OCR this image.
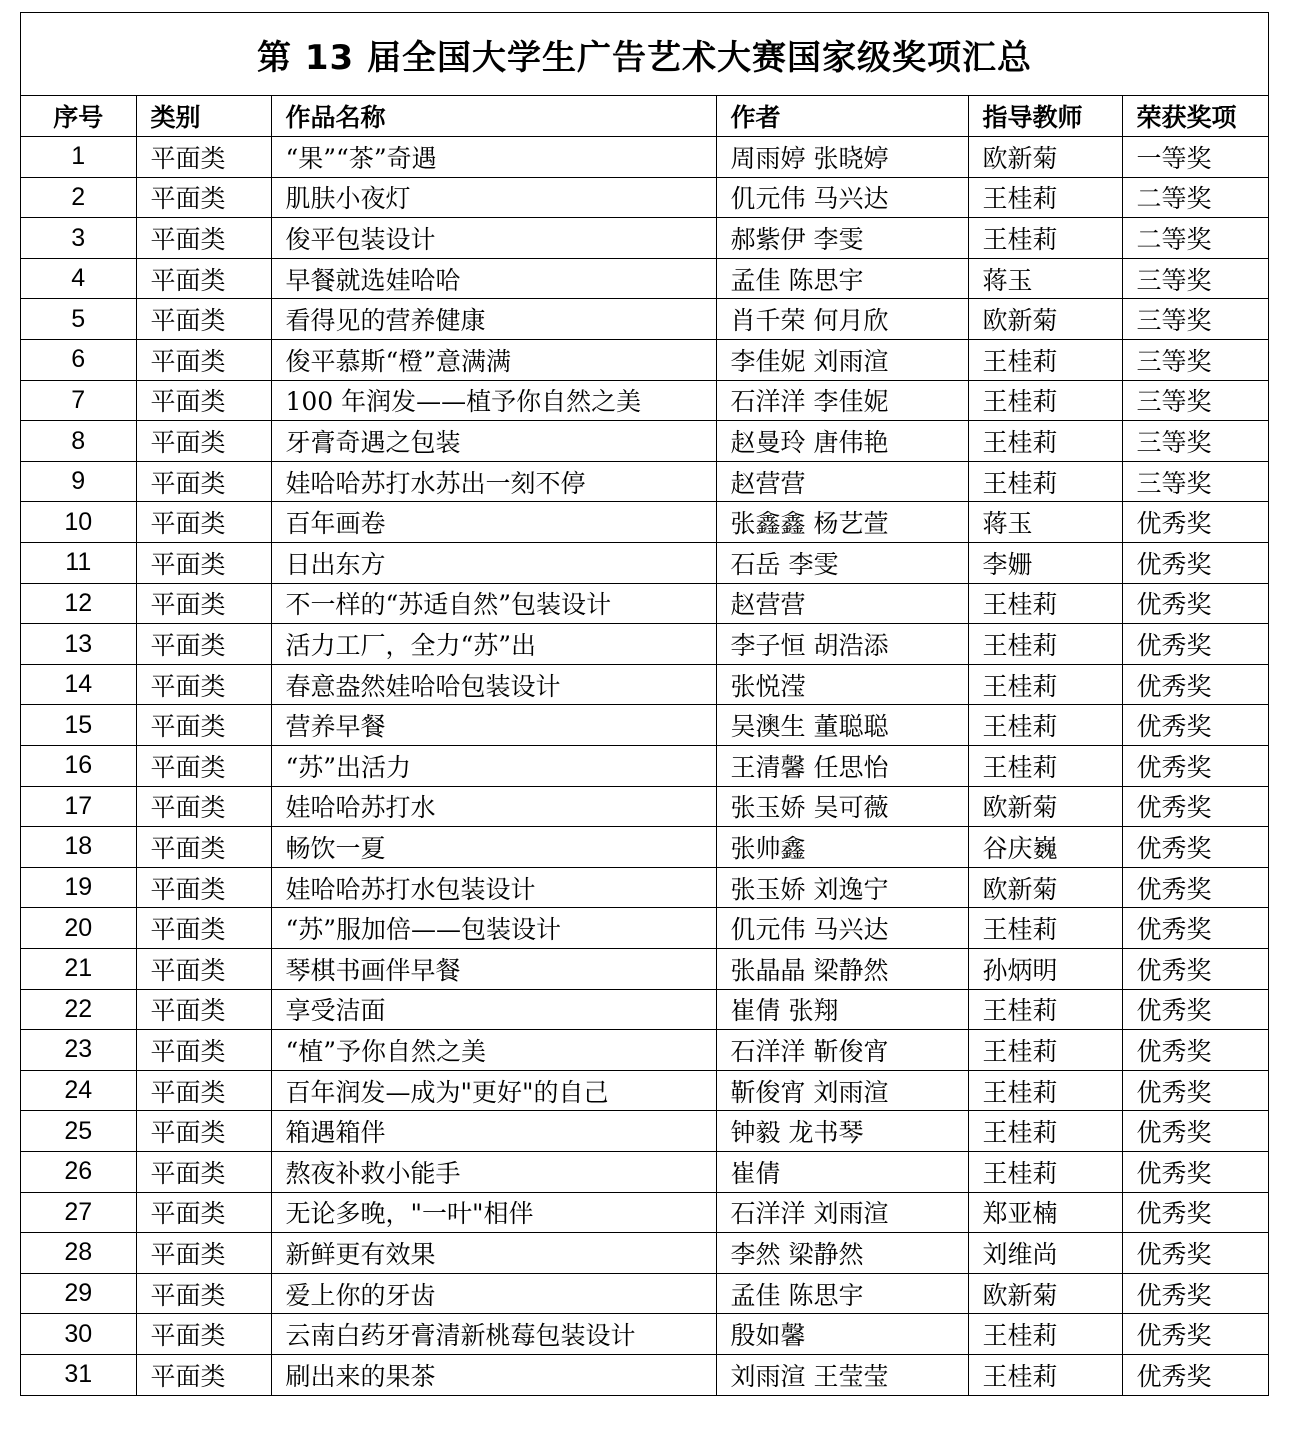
第 13 届全国大学生广告艺术大赛国家级奖项汇总
序号	类别	作品名称	作者	指导教师	荣获奖项
1	平面类	“果”“茶”奇遇	周雨婷 张晓婷	欧新菊	一等奖
2	平面类	肌肤小夜灯	仉元伟 马兴达	王桂莉	二等奖
3	平面类	俊平包装设计	郝紫伊 李雯	王桂莉	二等奖
4	平面类	早餐就选娃哈哈	孟佳 陈思宇	蒋玉	三等奖
5	平面类	看得见的营养健康	肖千荣 何月欣	欧新菊	三等奖
6	平面类	俊平慕斯“橙”意满满	李佳妮 刘雨渲	王桂莉	三等奖
7	平面类	100 年润发——植予你自然之美	石洋洋 李佳妮	王桂莉	三等奖
8	平面类	牙膏奇遇之包装	赵曼玲 唐伟艳	王桂莉	三等奖
9	平面类	娃哈哈苏打水苏出一刻不停	赵营营	王桂莉	三等奖
10	平面类	百年画卷	张鑫鑫 杨艺萱	蒋玉	优秀奖
11	平面类	日出东方	石岳 李雯	李姗	优秀奖
12	平面类	不一样的“苏适自然”包装设计	赵营营	王桂莉	优秀奖
13	平面类	活力工厂，全力“苏”出	李子恒 胡浩添	王桂莉	优秀奖
14	平面类	春意盎然娃哈哈包装设计	张悦滢	王桂莉	优秀奖
15	平面类	营养早餐	吴澳生 董聪聪	王桂莉	优秀奖
16	平面类	“苏”出活力	王清馨 任思怡	王桂莉	优秀奖
17	平面类	娃哈哈苏打水	张玉娇 吴可薇	欧新菊	优秀奖
18	平面类	畅饮一夏	张帅鑫	谷庆巍	优秀奖
19	平面类	娃哈哈苏打水包装设计	张玉娇 刘逸宁	欧新菊	优秀奖
20	平面类	“苏”服加倍——包装设计	仉元伟 马兴达	王桂莉	优秀奖
21	平面类	琴棋书画伴早餐	张晶晶 梁静然	孙炳明	优秀奖
22	平面类	享受洁面	崔倩 张翔	王桂莉	优秀奖
23	平面类	“植”予你自然之美	石洋洋 靳俊宵	王桂莉	优秀奖
24	平面类	百年润发—成为"更好"的自己	靳俊宵 刘雨渲	王桂莉	优秀奖
25	平面类	箱遇箱伴	钟毅 龙书琴	王桂莉	优秀奖
26	平面类	熬夜补救小能手	崔倩	王桂莉	优秀奖
27	平面类	无论多晚，"一叶"相伴	石洋洋 刘雨渲	郑亚楠	优秀奖
28	平面类	新鲜更有效果	李然 梁静然	刘维尚	优秀奖
29	平面类	爱上你的牙齿	孟佳 陈思宇	欧新菊	优秀奖
30	平面类	云南白药牙膏清新桃莓包装设计	殷如馨	王桂莉	优秀奖
31	平面类	刷出来的果茶	刘雨渲 王莹莹	王桂莉	优秀奖
